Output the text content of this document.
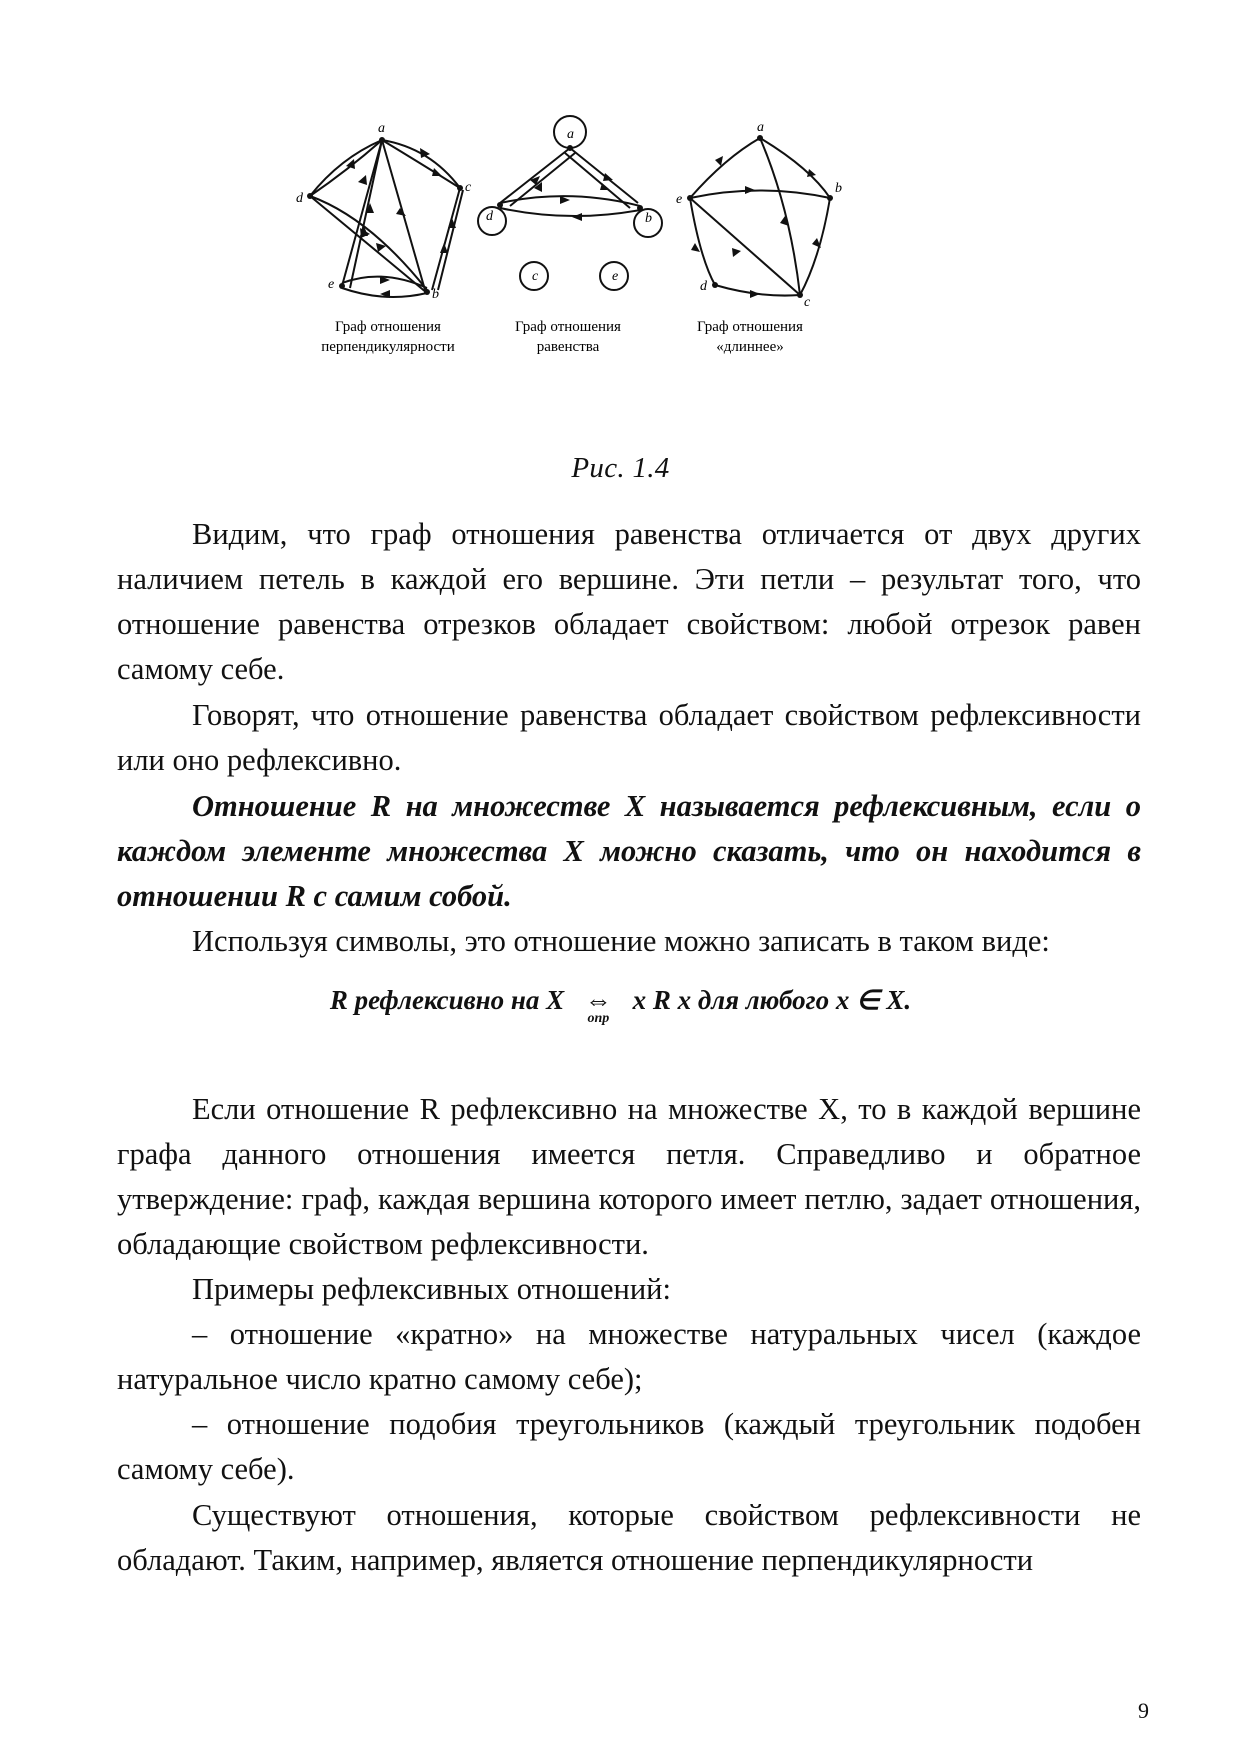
a
c
d
e
b
a
d	b
c	e
a
e
b
d
c
Граф отношения
перпендикулярности
Граф отношения
равенства
Граф отношения
«длиннее»
Рис. 1.4

Видим, что граф отношения равенства отличается от двух других наличием петель в каждой его вершине. Эти петли – результат того, что отношение равенства отрезков обладает свойством: любой отрезок равен самому себе.

Говорят, что отношение равенства обладает свойством рефлексивности или оно рефлексивно.

Отношение R на множестве X называется рефлексивным, если о каждом элементе множества X можно сказать, что он находится в отношении R с самим собой.

Используя символы, это отношение можно записать в таком виде:

R рефлексивно на X ⇔
опр
x R x для любого x ∈ X.

Если отношение R рефлексивно на множестве X, то в каждой вершине графа данного отношения имеется петля. Справедливо и обратное утверждение: граф, каждая вершина которого имеет петлю, задает отношения, обладающие свойством рефлексивности.

Примеры рефлексивных отношений:

– отношение «кратно» на множестве натуральных чисел (каждое натуральное число кратно самому себе);

– отношение подобия треугольников (каждый треугольник подобен самому себе).

Существуют отношения, которые свойством рефлексивности не обладают. Таким, например, является отношение перпендикулярности

9
